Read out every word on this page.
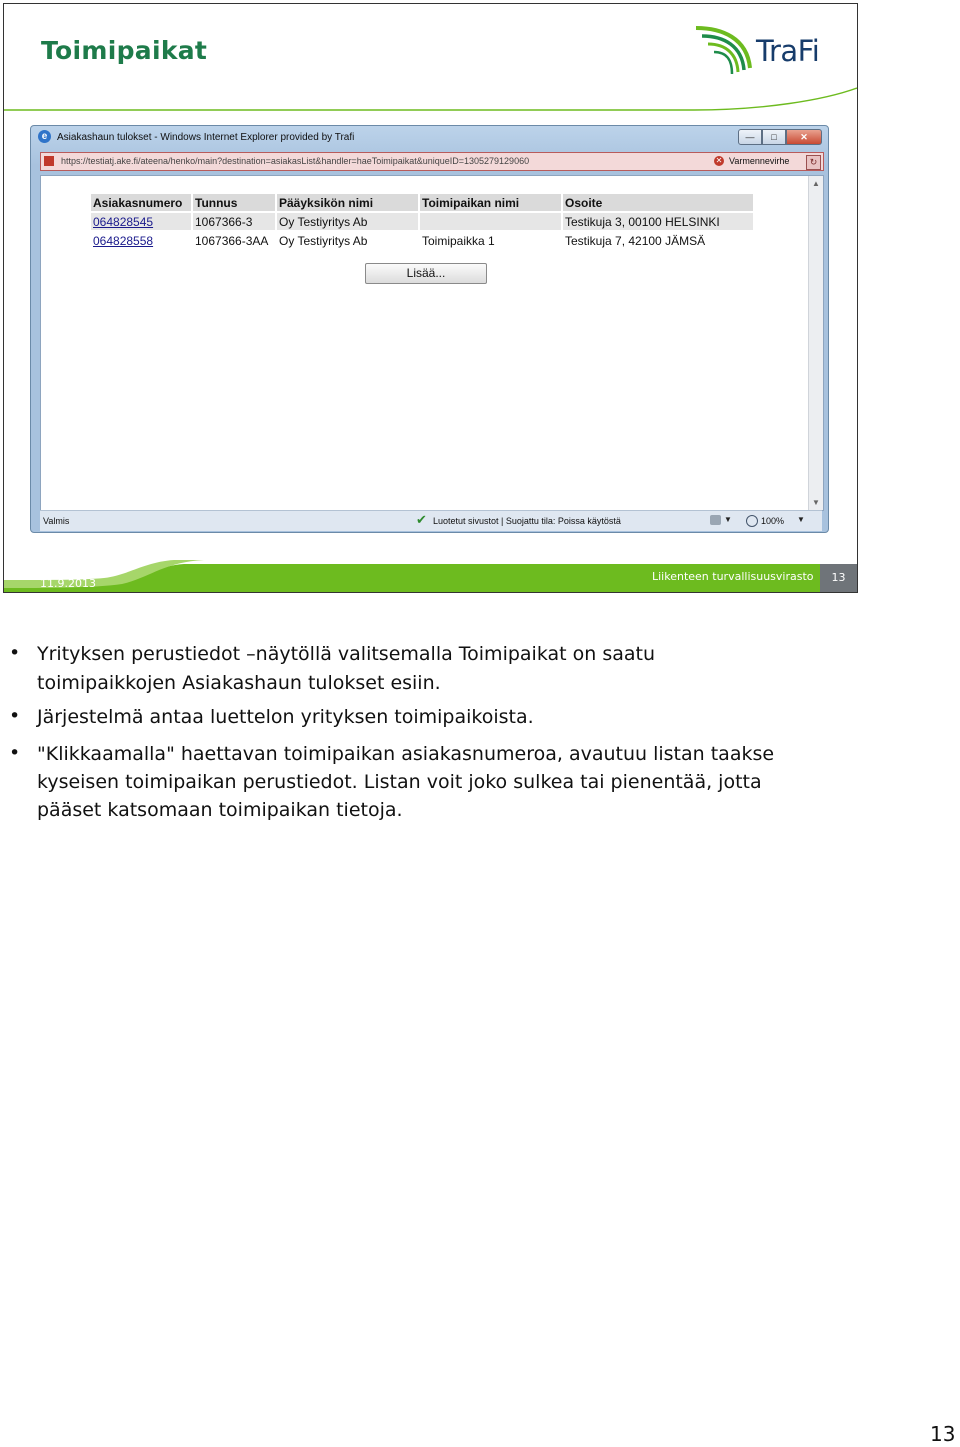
Toimipaikat	TraFi
e Asiakashaun tulokset - Windows Internet Explorer provided by Trafi	—	□	✕
https://testiatj.ake.fi/ateena/henko/main?destination=asiakasList&handler=haeToimipaikat&uniqueID=1305279129060	✕ Varmennevirhe	↻
Asiakasnumero	Tunnus	Pääyksikön nimi	Toimipaikan nimi	Osoite
064828545	1067366-3	Oy Testiyritys Ab		Testikuja 3, 00100 HELSINKI
064828558	1067366-3AA	Oy Testiyritys Ab	Toimipaikka 1	Testikuja 7, 42100 JÄMSÄ
Lisää...
▲
▼
Valmis	✔ Luotetut sivustot | Suojattu tila: Poissa käytöstä	▼	100% ▼
11.9.2013
Liikenteen turvallisuusvirasto	13
• Yrityksen perustiedot –näytöllä valitsemalla Toimipaikat on saatu
toimipaikkojen Asiakashaun tulokset esiin.
• Järjestelmä antaa luettelon yrityksen toimipaikoista.
• "Klikkaamalla" haettavan toimipaikan asiakasnumeroa, avautuu listan taakse
kyseisen toimipaikan perustiedot. Listan voit joko sulkea tai pienentää, jotta
pääset katsomaan toimipaikan tietoja.
13
